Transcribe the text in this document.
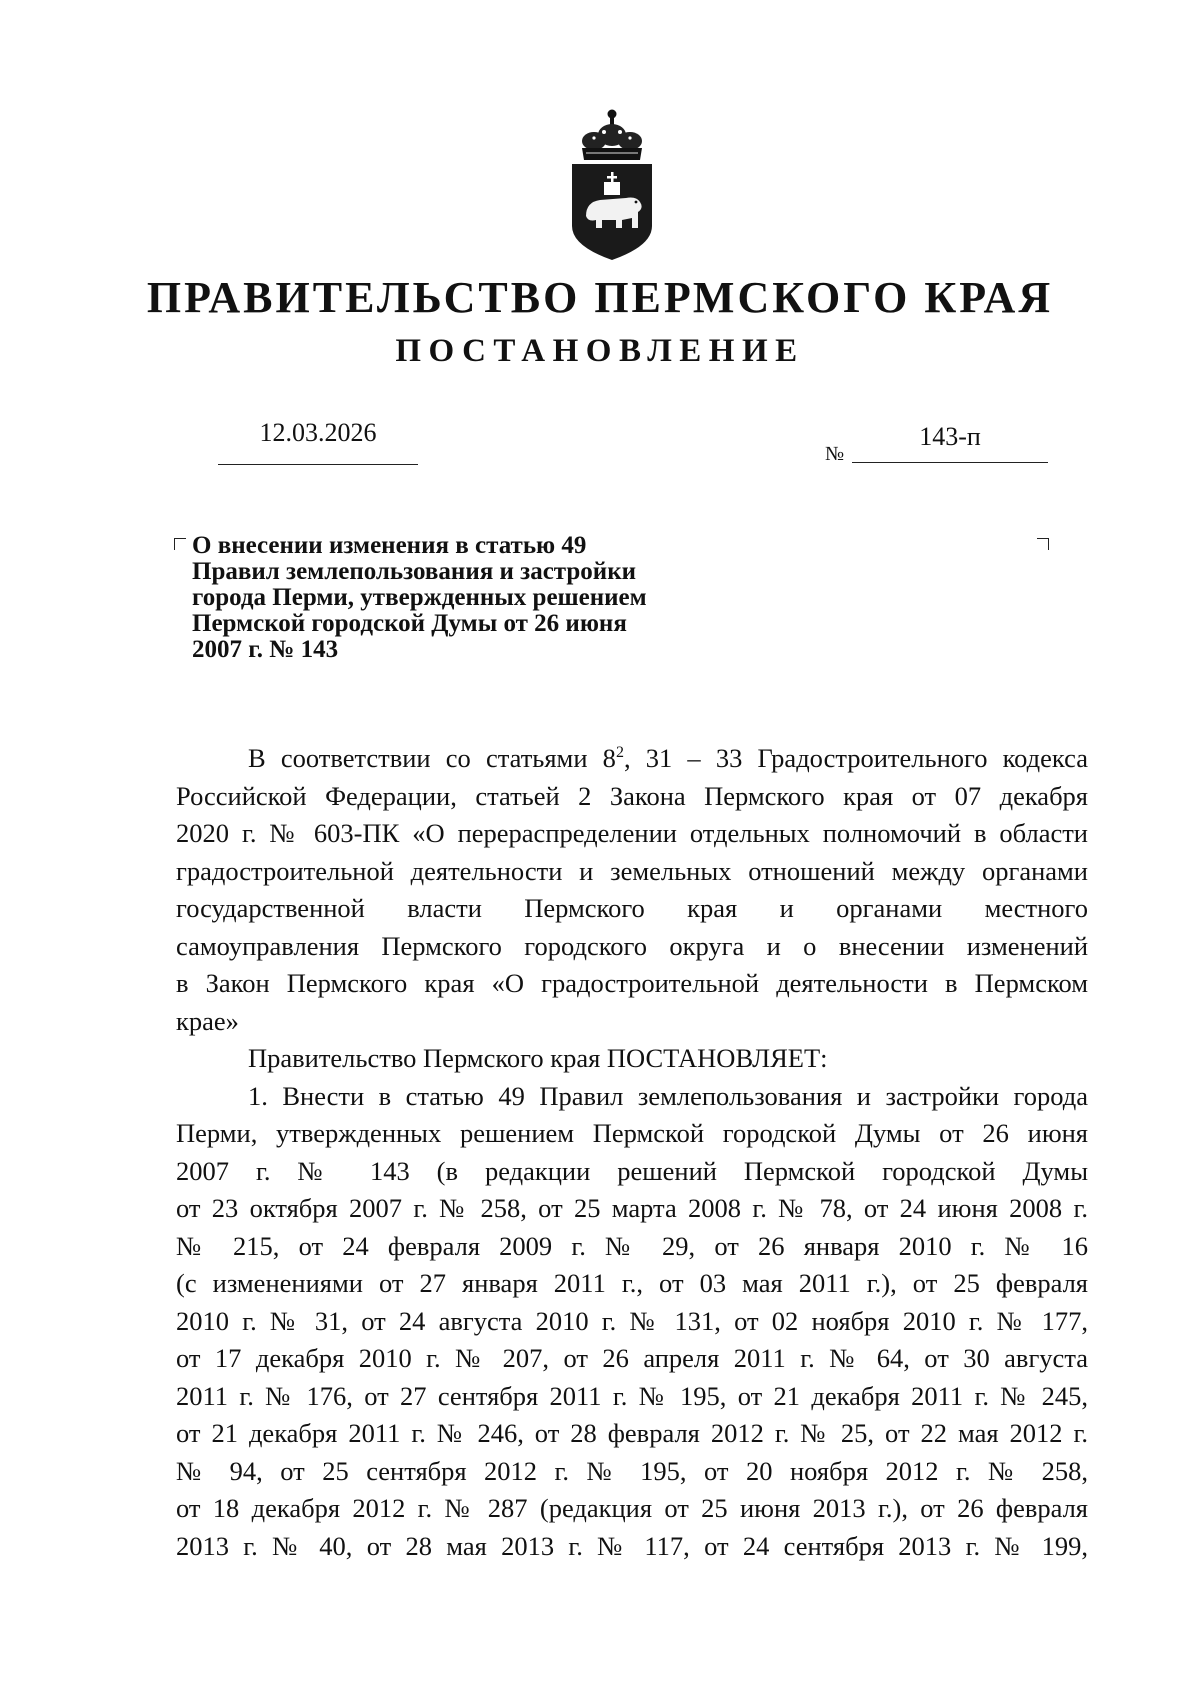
ПРАВИТЕЛЬСТВО ПЕРМСКОГО КРАЯ
ПОСТАНОВЛЕНИЕ
12.03.2026
№
143-п
О внесении изменения в статью 49
Правил землепользования и застройки
города Перми, утвержденных решением
Пермской городской Думы от 26 июня
2007 г. № 143
В соответствии со статьями $8^2$, 31 – 33 Градостроительного кодекса
Российской Федерации, статьей 2 Закона Пермского края от 07 декабря
2020 г. № 603-ПК «О перераспределении отдельных полномочий в области
градостроительной деятельности и земельных отношений между органами
государственной власти Пермского края и органами местного
самоуправления Пермского городского округа и о внесении изменений
в Закон Пермского края «О градостроительной деятельности в Пермском
крае»
Правительство Пермского края ПОСТАНОВЛЯЕТ:
1. Внести в статью 49 Правил землепользования и застройки города
Перми, утвержденных решением Пермской городской Думы от 26 июня
2007 г. № 143 (в редакции решений Пермской городской Думы
от 23 октября 2007 г. № 258, от 25 марта 2008 г. № 78, от 24 июня 2008 г.
№ 215, от 24 февраля 2009 г. № 29, от 26 января 2010 г. № 16
(с изменениями от 27 января 2011 г., от 03 мая 2011 г.), от 25 февраля
2010 г. № 31, от 24 августа 2010 г. № 131, от 02 ноября 2010 г. № 177,
от 17 декабря 2010 г. № 207, от 26 апреля 2011 г. № 64, от 30 августа
2011 г. № 176, от 27 сентября 2011 г. № 195, от 21 декабря 2011 г. № 245,
от 21 декабря 2011 г. № 246, от 28 февраля 2012 г. № 25, от 22 мая 2012 г.
№ 94, от 25 сентября 2012 г. № 195, от 20 ноября 2012 г. № 258,
от 18 декабря 2012 г. № 287 (редакция от 25 июня 2013 г.), от 26 февраля
2013 г. № 40, от 28 мая 2013 г. № 117, от 24 сентября 2013 г. № 199,
